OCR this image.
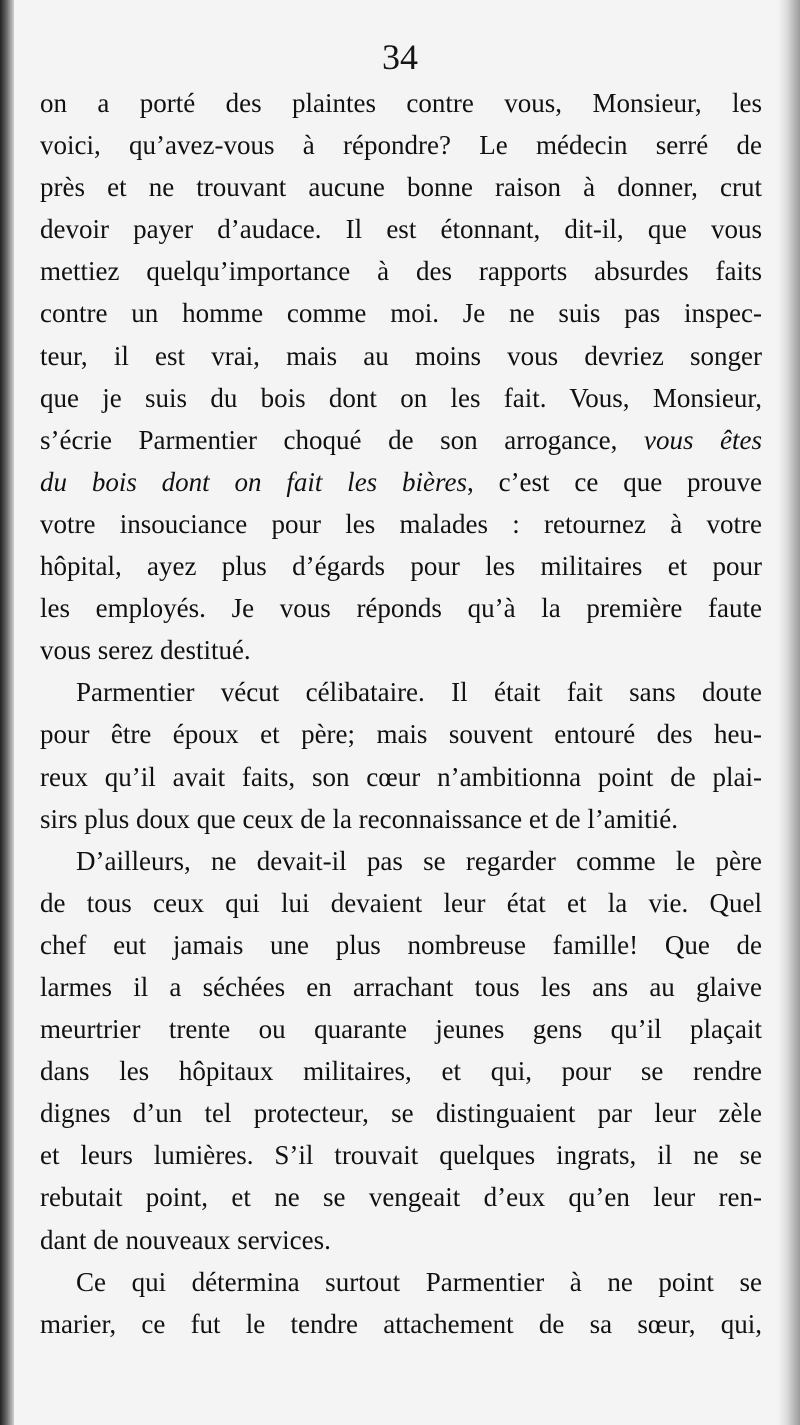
34
on a porté des plaintes contre vous, Monsieur, les
voici, qu’avez-vous à répondre? Le médecin serré de
près et ne trouvant aucune bonne raison à donner, crut
devoir payer d’audace. Il est étonnant, dit-il, que vous
mettiez quelqu’importance à des rapports absurdes faits
contre un homme comme moi. Je ne suis pas inspec-
teur, il est vrai, mais au moins vous devriez songer
que je suis du bois dont on les fait. Vous, Monsieur,
s’écrie Parmentier choqué de son arrogance, vous êtes
du bois dont on fait les bières, c’est ce que prouve
votre insouciance pour les malades : retournez à votre
hôpital, ayez plus d’égards pour les militaires et pour
les employés. Je vous réponds qu’à la première faute
vous serez destitué.
Parmentier vécut célibataire. Il était fait sans doute
pour être époux et père; mais souvent entouré des heu-
reux qu’il avait faits, son cœur n’ambitionna point de plai-
sirs plus doux que ceux de la reconnaissance et de l’amitié.
D’ailleurs, ne devait-il pas se regarder comme le père
de tous ceux qui lui devaient leur état et la vie. Quel
chef eut jamais une plus nombreuse famille! Que de
larmes il a séchées en arrachant tous les ans au glaive
meurtrier trente ou quarante jeunes gens qu’il plaçait
dans les hôpitaux militaires, et qui, pour se rendre
dignes d’un tel protecteur, se distinguaient par leur zèle
et leurs lumières. S’il trouvait quelques ingrats, il ne se
rebutait point, et ne se vengeait d’eux qu’en leur ren-
dant de nouveaux services.
Ce qui détermina surtout Parmentier à ne point se
marier, ce fut le tendre attachement de sa sœur, qui,
